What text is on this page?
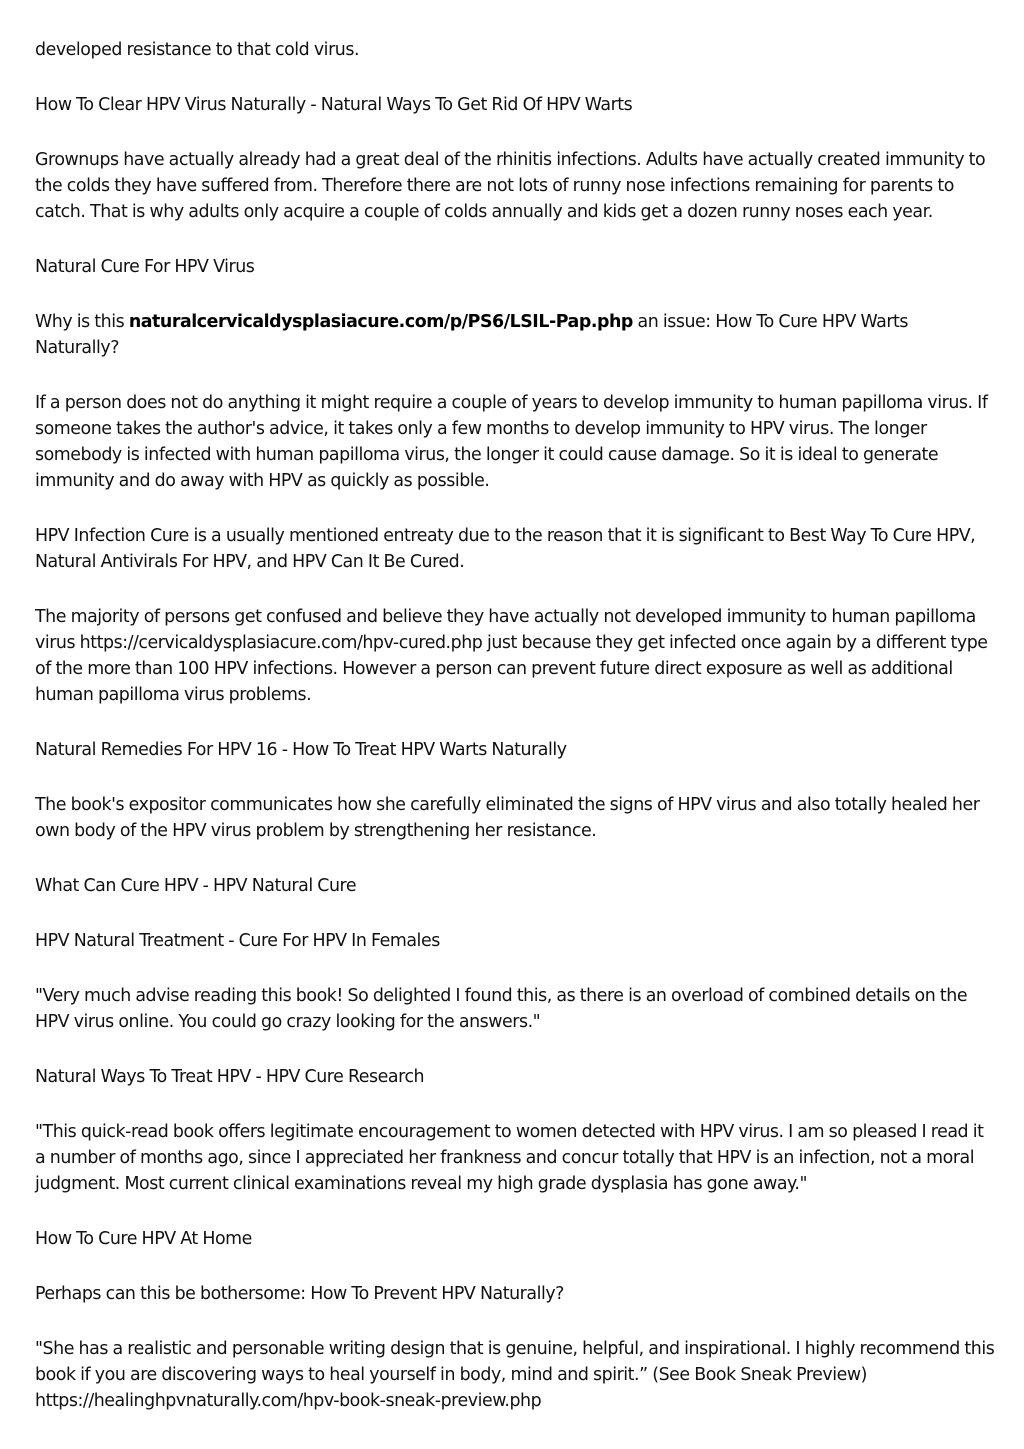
developed resistance to that cold virus.

How To Clear HPV Virus Naturally - Natural Ways To Get Rid Of HPV Warts

Grownups have actually already had a great deal of the rhinitis infections. Adults have actually created immunity to the colds they have suffered from. Therefore there are not lots of runny nose infections remaining for parents to catch. That is why adults only acquire a couple of colds annually and kids get a dozen runny noses each year.

Natural Cure For HPV Virus

Why is this naturalcervicaldysplasiacure.com/p/PS6/LSIL-Pap.php an issue: How To Cure HPV Warts Naturally?

If a person does not do anything it might require a couple of years to develop immunity to human papilloma virus. If someone takes the author's advice, it takes only a few months to develop immunity to HPV virus. The longer somebody is infected with human papilloma virus, the longer it could cause damage. So it is ideal to generate immunity and do away with HPV as quickly as possible.

HPV Infection Cure is a usually mentioned entreaty due to the reason that it is significant to Best Way To Cure HPV, Natural Antivirals For HPV, and HPV Can It Be Cured.

The majority of persons get confused and believe they have actually not developed immunity to human papilloma virus https://cervicaldysplasiacure.com/hpv-cured.php just because they get infected once again by a different type of the more than 100 HPV infections. However a person can prevent future direct exposure as well as additional human papilloma virus problems.

Natural Remedies For HPV 16 - How To Treat HPV Warts Naturally

The book's expositor communicates how she carefully eliminated the signs of HPV virus and also totally healed her own body of the HPV virus problem by strengthening her resistance.

What Can Cure HPV - HPV Natural Cure

HPV Natural Treatment - Cure For HPV In Females

"Very much advise reading this book! So delighted I found this, as there is an overload of combined details on the HPV virus online. You could go crazy looking for the answers."

Natural Ways To Treat HPV - HPV Cure Research

"This quick-read book offers legitimate encouragement to women detected with HPV virus. I am so pleased I read it a number of months ago, since I appreciated her frankness and concur totally that HPV is an infection, not a moral judgment. Most current clinical examinations reveal my high grade dysplasia has gone away."

How To Cure HPV At Home

Perhaps can this be bothersome: How To Prevent HPV Naturally?

"She has a realistic and personable writing design that is genuine, helpful, and inspirational. I highly recommend this book if you are discovering ways to heal yourself in body, mind and spirit.” (See Book Sneak Preview) https://healinghpvnaturally.com/hpv-book-sneak-preview.php
